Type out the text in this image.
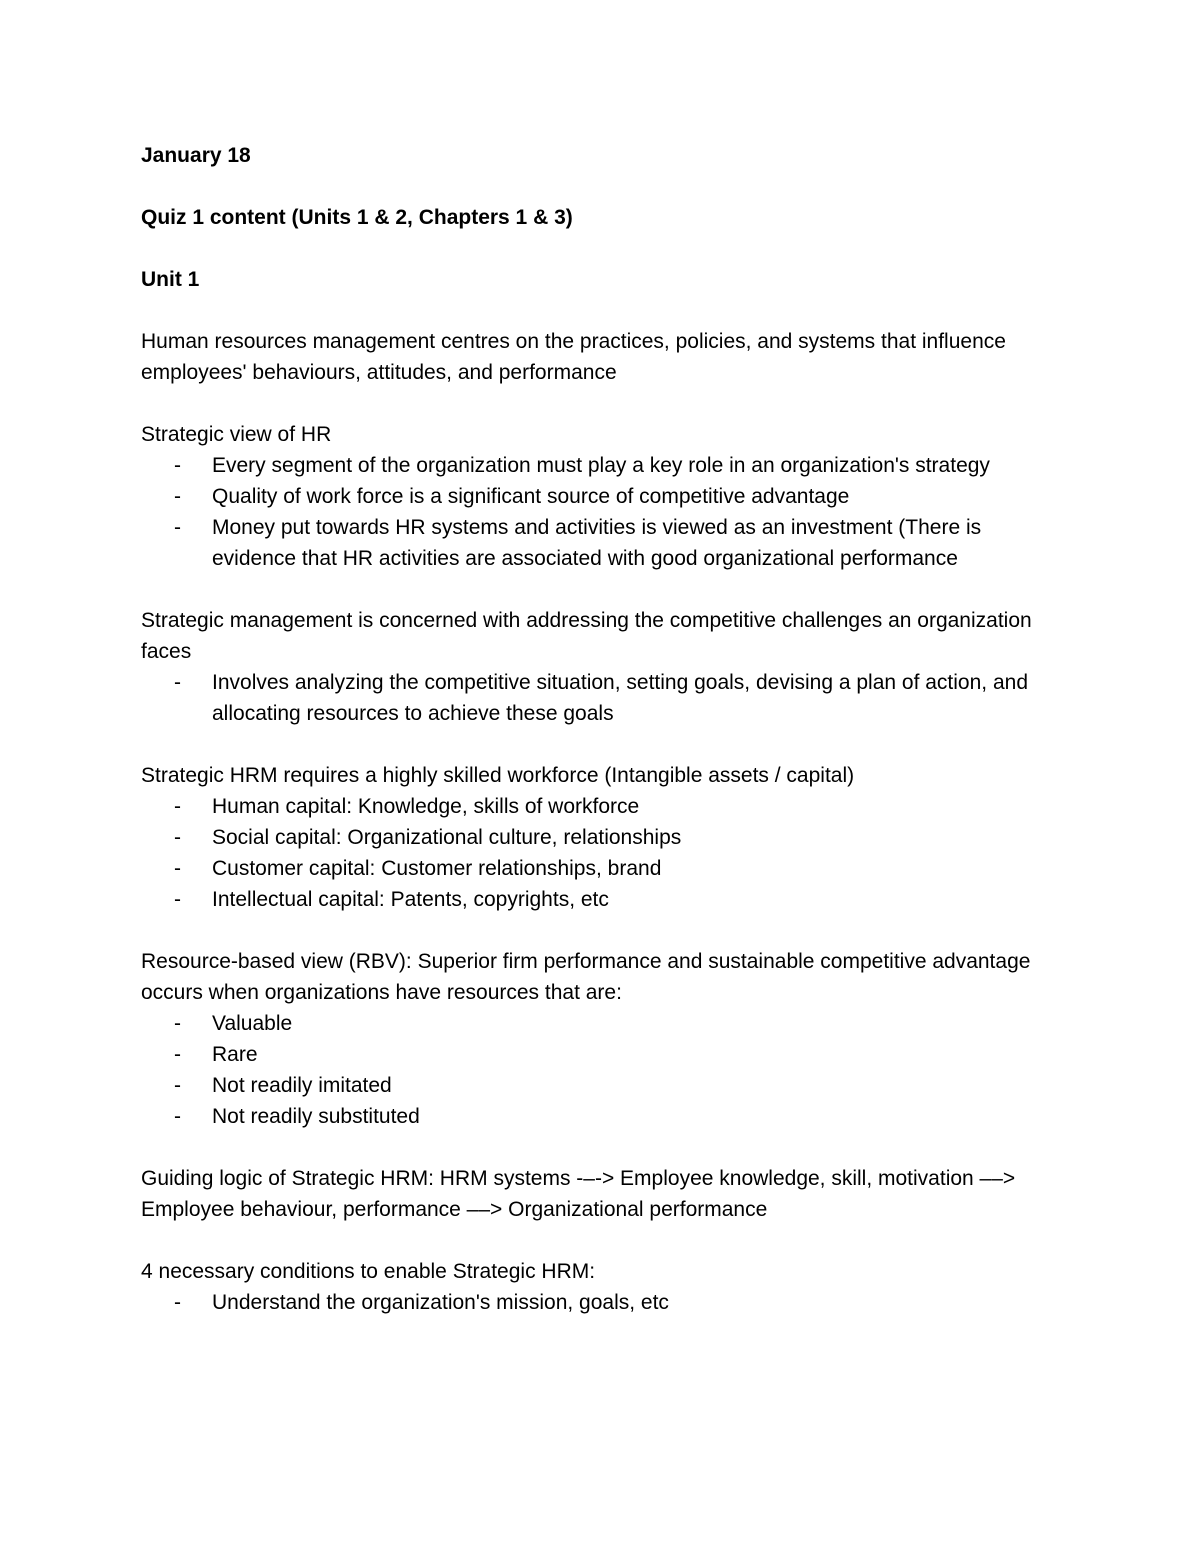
January 18

Quiz 1 content (Units 1 & 2, Chapters 1 & 3)

Unit 1

Human resources management centres on the practices, policies, and systems that influence employees' behaviours, attitudes, and performance

Strategic view of HR

- Every segment of the organization must play a key role in an organization's strategy
- Quality of work force is a significant source of competitive advantage
- Money put towards HR systems and activities is viewed as an investment (There is evidence that HR activities are associated with good organizational performance

Strategic management is concerned with addressing the competitive challenges an organization faces

- Involves analyzing the competitive situation, setting goals, devising a plan of action, and allocating resources to achieve these goals

Strategic HRM requires a highly skilled workforce (Intangible assets / capital)

- Human capital: Knowledge, skills of workforce
- Social capital: Organizational culture, relationships
- Customer capital: Customer relationships, brand
- Intellectual capital: Patents, copyrights, etc

Resource-based view (RBV): Superior firm performance and sustainable competitive advantage occurs when organizations have resources that are:

- Valuable
- Rare
- Not readily imitated
- Not readily substituted

Guiding logic of Strategic HRM: HRM systems -–-> Employee knowledge, skill, motivation ––> Employee behaviour, performance ––> Organizational performance

4 necessary conditions to enable Strategic HRM:

- Understand the organization's mission, goals, etc
